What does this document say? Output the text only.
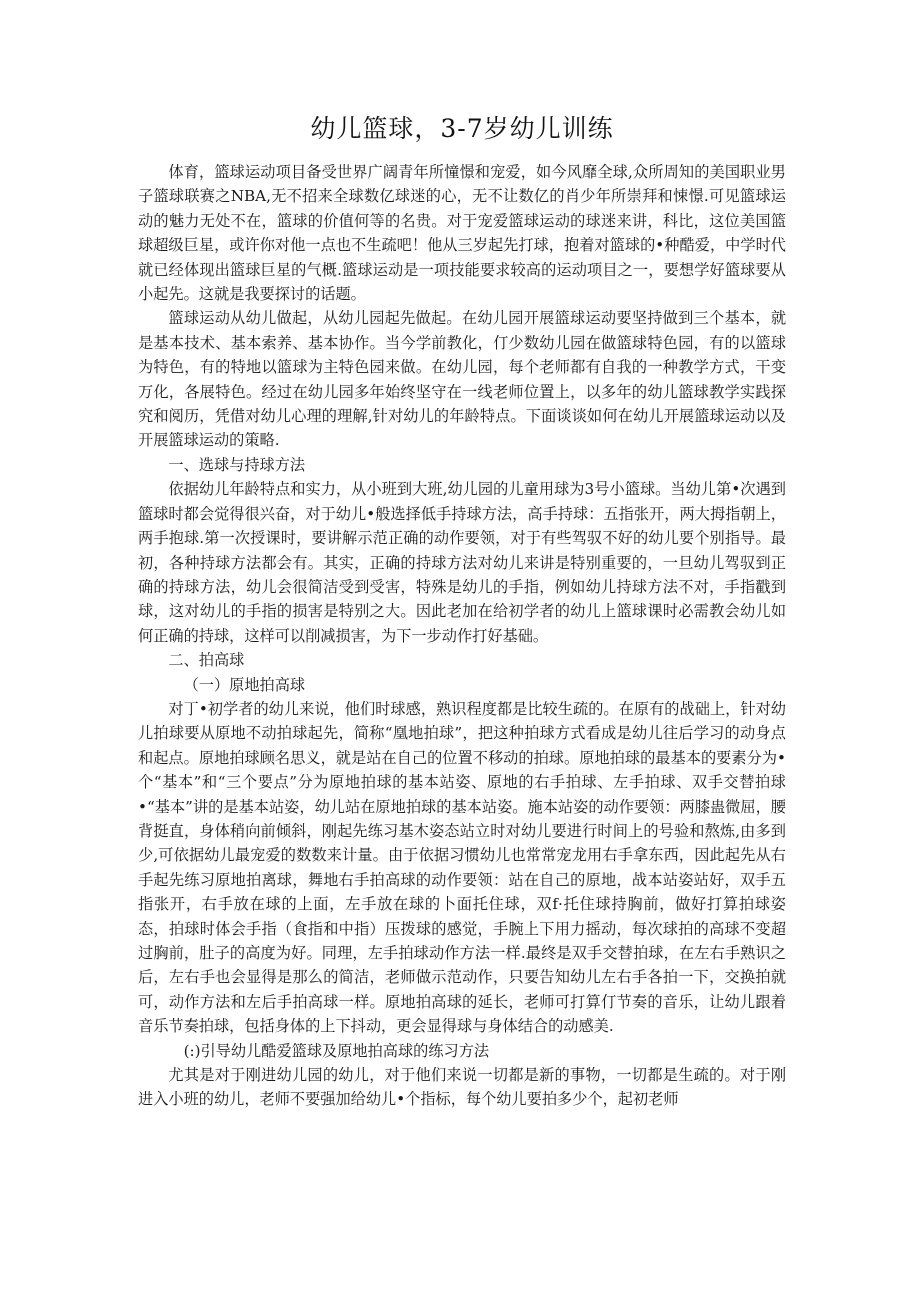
幼儿篮球，3-7岁幼儿训练

体育，篮球运动项目备受世界广阔青年所憧憬和宠爱，如今风靡全球,众所周知的美国职业男子篮球联赛之NBA,无不招来全球数亿球迷的心，无不让数亿的肖少年所崇拜和悚憬.可见篮球运动的魅力无处不在，篮球的价值何等的名贵。对于宠爱篮球运动的球迷来讲，科比，这位美国篮球超级巨星，或许你对他一点也不生疏吧！他从三岁起先打球，抱着对篮球的•种酷爱，中学时代就已经体现出篮球巨星的气概.篮球运动是一项技能要求较高的运动项目之一，要想学好篮球要从小起先。这就是我要探讨的话题。

篮球运动从幼儿做起，从幼儿园起先做起。在幼儿园开展篮球运动要坚持做到三个基本，就是基本技术、基本索养、基本协作。当今学前教化，仃少数幼儿园在做篮球特色园，有的以篮球为特色，有的特地以篮球为主特色园来做。在幼儿园，每个老师都有自我的一种教学方式，干变万化，各展特色。经过在幼儿园多年始终坚守在一线老师位置上，以多年的幼儿篮球教学实践探究和阅历，凭借对幼儿心理的理解,针对幼儿的年龄特点。下面谈谈如何在幼儿开展篮球运动以及开展篮球运动的策略.

一、选球与持球方法

依据幼儿年龄特点和实力，从小班到大班,幼儿园的儿童用球为3号小篮球。当幼儿第•次遇到篮球时都会觉得很兴奋，对于幼儿•般选择低手持球方法，高手持球：五指张开，两大拇指朝上，两手抱球.第一次授课时，要讲解示范正确的动作要领，对于有些驾驭不好的幼儿要个别指导。最初，各种持球方法都会有。其实，正确的持球方法对幼儿来讲是特别重要的，一旦幼儿驾驭到正确的持球方法，幼儿会很简洁受到受害，特殊是幼儿的手指，例如幼儿持球方法不对，手指戳到球，这对幼儿的手指的损害是特别之大。因此老加在给初学者的幼儿上篮球课时必需教会幼儿如何正确的持球，这样可以削减损害，为下一步动作打好基础。

二、拍高球

（一）原地拍高球

对丁•初学者的幼儿来说，他们时球感，熟识程度都是比较生疏的。在原有的战础上，针对幼儿拍球要从原地不动拍球起先，简称“凰地拍球”，把这种拍球方式看成是幼儿往后学习的动身点和起点。原地拍球顾名思义，就是站在自己的位置不移动的拍球。原地拍球的最基本的要素分为•个“基本”和“三个要点”分为原地拍球的基本站姿、原地的右手拍球、左手拍球、双手交替拍球•“基本”讲的是基本站姿，幼儿站在原地拍球的基本站姿。施本站姿的动作要领：两膝蛊微屈，腰背挺直，身体稍向前倾斜，刚起先练习基木姿态站立时对幼儿要进行时间上的号验和熬炼,由多到少,可依据幼儿最宠爱的数数来计量。由于依据习惯幼儿也常常宠龙用右手拿东西，因此起先从右手起先练习原地拍离球，舞地右手拍高球的动作要领：站在自己的原地，战本站姿站好，双手五指张开，右手放在球的上面，左手放在球的卜面托住球，双f·托住球持胸前，做好打算拍球姿态，拍球时体会手指（食指和中指）压拨球的感觉，手腕上下用力摇动，每次球拍的高球不变超过胸前，肚子的高度为好。同理，左手拍球动作方法一样.最终是双手交替拍球，在左右手熟识之后，左右手也会显得是那么的简洁，老师做示范动作，只要告知幼儿左右手各拍一下，交换拍就可，动作方法和左后手拍高球一样。原地拍高球的延长，老师可打算仃节奏的音乐，让幼儿跟着音乐节奏拍球，包括身体的上下抖动，更会显得球与身体结合的动感美.

(:)引导幼儿酷爱篮球及原地拍高球的练习方法

尤其是对于刚进幼儿园的幼儿，对于他们来说一切都是新的事物，一切都是生疏的。对于刚进入小班的幼儿，老师不要强加给幼儿•个指标，每个幼儿要拍多少个，起初老师
